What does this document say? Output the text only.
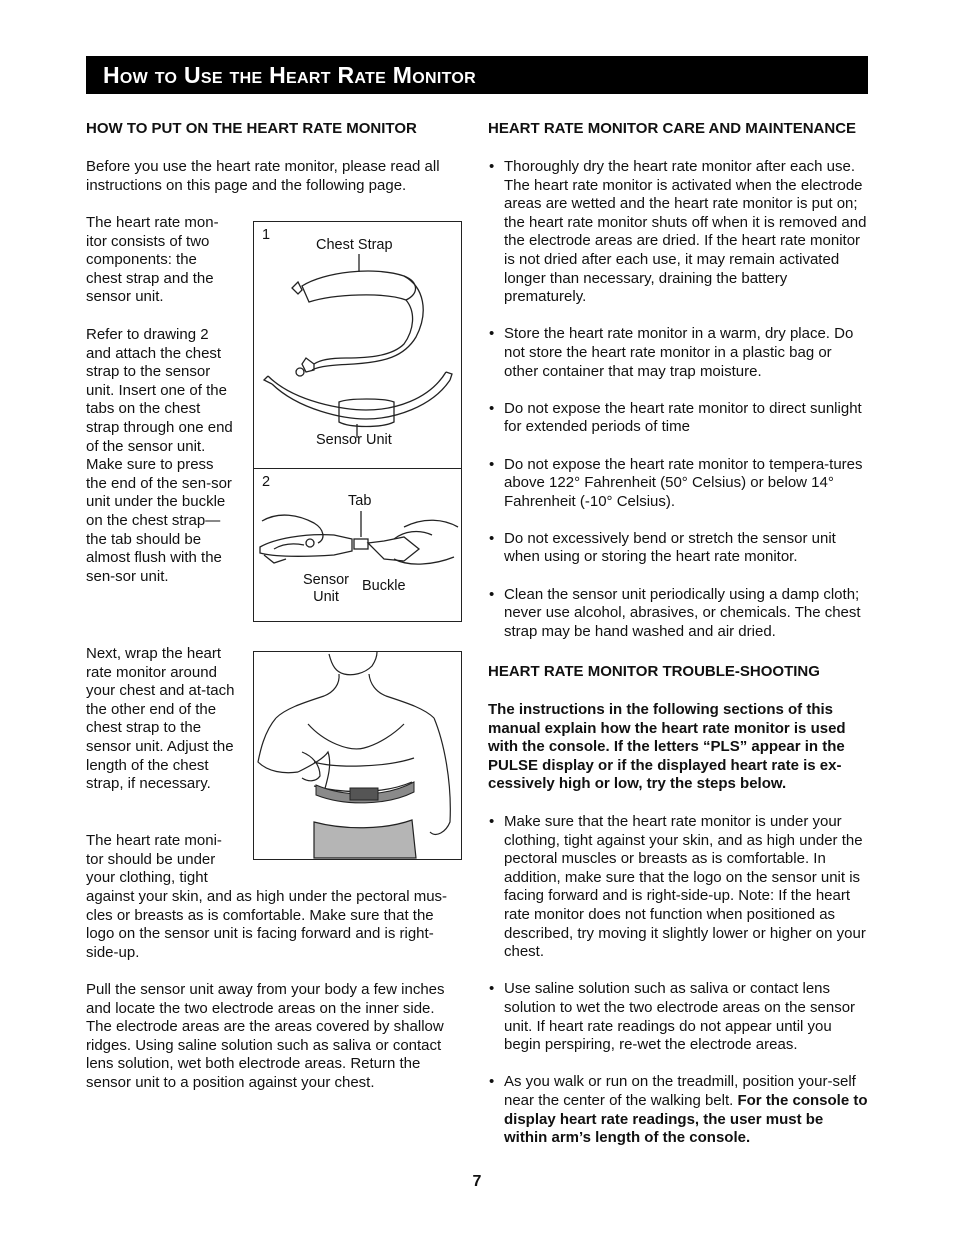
How to Use the Heart Rate Monitor

HOW TO PUT ON THE HEART RATE MONITOR

Before you use the heart rate monitor, please read all instructions on this page and the following page.

The heart rate mon-itor consists of two components: the chest strap and the sensor unit.

Refer to drawing 2 and attach the chest strap to the sensor unit. Insert one of the tabs on the chest strap through one end of the sensor unit. Make sure to press the end of the sen-sor unit under the buckle on the chest strap—the tab should be almost flush with the sen-sor unit.

Next, wrap the heart rate monitor around your chest and at-tach the other end of the chest strap to the sensor unit. Adjust the length of the chest strap, if necessary.

The heart rate moni-tor should be under your clothing, tight

against your skin, and as high under the pectoral mus-cles or breasts as is comfortable. Make sure that the logo on the sensor unit is facing forward and is right-side-up.

Pull the sensor unit away from your body a few inches and locate the two electrode areas on the inner side. The electrode areas are the areas covered by shallow ridges. Using saline solution such as saliva or contact lens solution, wet both electrode areas. Return the sensor unit to a position against your chest.

1
Chest Strap
Sensor Unit
2
Tab
Sensor
Unit
Buckle

HEART RATE MONITOR CARE AND MAINTENANCE

• Thoroughly dry the heart rate monitor after each use. The heart rate monitor is activated when the electrode areas are wetted and the heart rate monitor is put on; the heart rate monitor shuts off when it is removed and the electrode areas are dried. If the heart rate monitor is not dried after each use, it may remain activated longer than necessary, draining the battery prematurely.
• Store the heart rate monitor in a warm, dry place. Do not store the heart rate monitor in a plastic bag or other container that may trap moisture.
• Do not expose the heart rate monitor to direct sunlight for extended periods of time
• Do not expose the heart rate monitor to tempera-tures above 122° Fahrenheit (50° Celsius) or below 14° Fahrenheit (-10° Celsius).
• Do not excessively bend or stretch the sensor unit when using or storing the heart rate monitor.
• Clean the sensor unit periodically using a damp cloth; never use alcohol, abrasives, or chemicals. The chest strap may be hand washed and air dried.

HEART RATE MONITOR TROUBLE-SHOOTING

The instructions in the following sections of this manual explain how the heart rate monitor is used with the console. If the letters “PLS” appear in the PULSE display or if the displayed heart rate is ex-cessively high or low, try the steps below.

• Make sure that the heart rate monitor is under your clothing, tight against your skin, and as high under the pectoral muscles or breasts as is comfortable. In addition, make sure that the logo on the sensor unit is facing forward and is right-side-up. Note: If the heart rate monitor does not function when positioned as described, try moving it slightly lower or higher on your chest.
• Use saline solution such as saliva or contact lens solution to wet the two electrode areas on the sensor unit. If heart rate readings do not appear until you begin perspiring, re-wet the electrode areas.
• As you walk or run on the treadmill, position your-self near the center of the walking belt. For the console to display heart rate readings, the user must be within arm’s length of the console.
7
